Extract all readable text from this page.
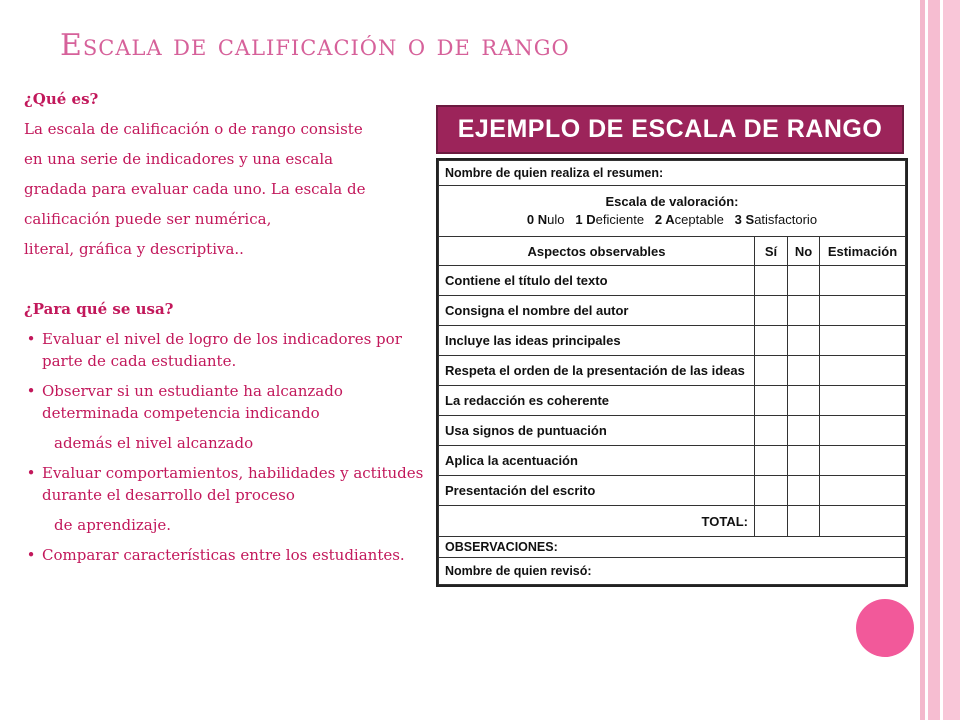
Escala de calificación o de rango

¿Qué es?

La escala de calificación o de rango consiste

en una serie de indicadores y una escala

gradada para evaluar cada uno. La escala de

calificación puede ser numérica,

literal, gráfica y descriptiva..

¿Para qué se usa?

• Evaluar el nivel de logro de los indicadores por parte de cada estudiante.
• Observar si un estudiante ha alcanzado determinada competencia indicando

además el nivel alcanzado

• Evaluar comportamientos, habilidades y actitudes durante el desarrollo del proceso

de aprendizaje.

• Comparar características entre los estudiantes.
EJEMPLO DE ESCALA DE RANGO
Nombre de quien realiza el resumen:			

Escala de valoración:
0 Nulo 1 Deficiente 2 Aceptable 3 Satisfactorio			

Aspectos observables	Sí	No	Estimación
Contiene el título del texto			
Consigna el nombre del autor			
Incluye las ideas principales			
Respeta el orden de la presentación de las ideas			
La redacción es coherente			
Usa signos de puntuación			
Aplica la acentuación			
Presentación del escrito			
TOTAL:			
OBSERVACIONES:			
Nombre de quien revisó:			
